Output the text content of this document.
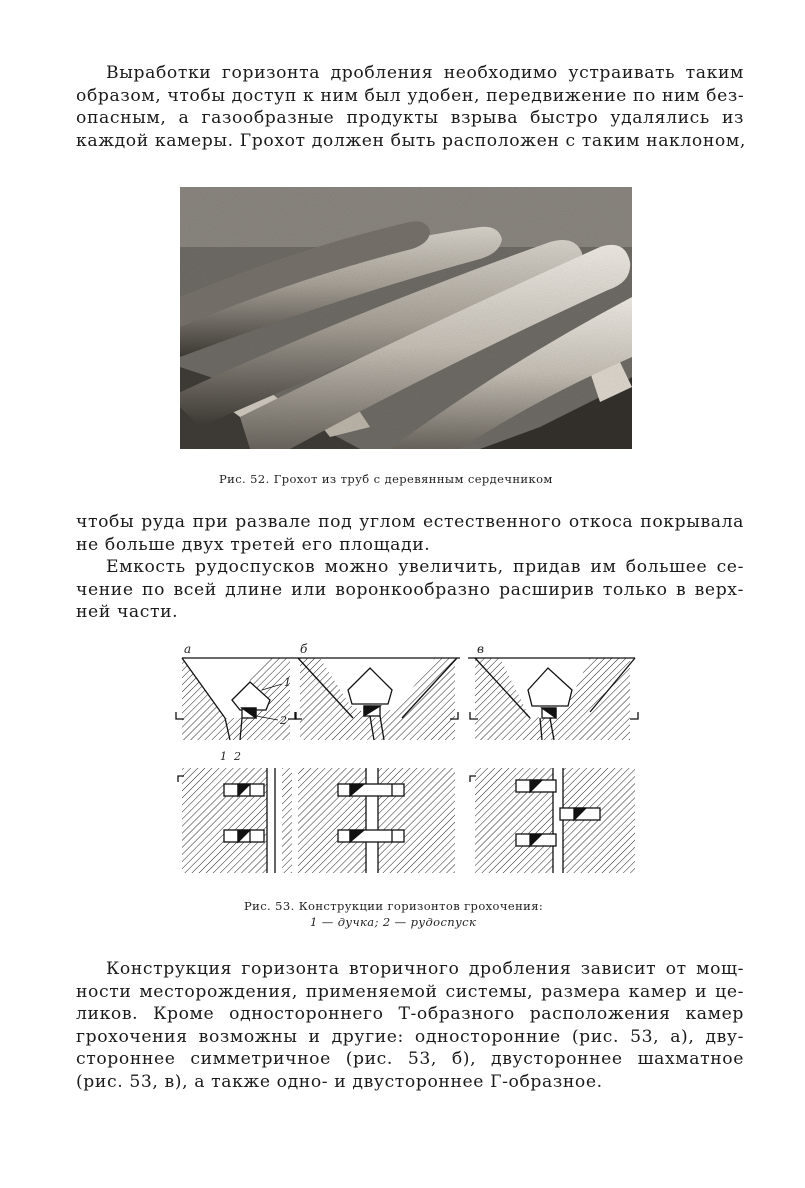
Выработки горизонта дробления необходимо устраивать таким
образом, чтобы доступ к ним был удобен, передвижение по ним без-
опасным, а газообразные продукты взрыва быстро удалялись из
каждой камеры. Грохот должен быть расположен с таким наклоном,
Рис. 52. Грохот из труб с деревянным сердечником
чтобы руда при развале под углом естественного откоса покрывала
не больше двух третей его площади.
Емкость рудоспусков можно увеличить, придав им большее се-
чение по всей длине или воронкообразно расширив только в верх-
ней части.
а	б	в
1
2
1 2
Рис. 53. Конструкции горизонтов грохочения:
1 — дучка; 2 — рудоспуск
Конструкция горизонта вторичного дробления зависит от мощ-
ности месторождения, применяемой системы, размера камер и це-
ликов. Кроме одностороннего Т-образного расположения камер
грохочения возможны и другие: односторонние (рис. 53, а), дву-
стороннее симметричное (рис. 53, б), двустороннее шахматное
(рис. 53, в), а также одно- и двустороннее Г-образное.
